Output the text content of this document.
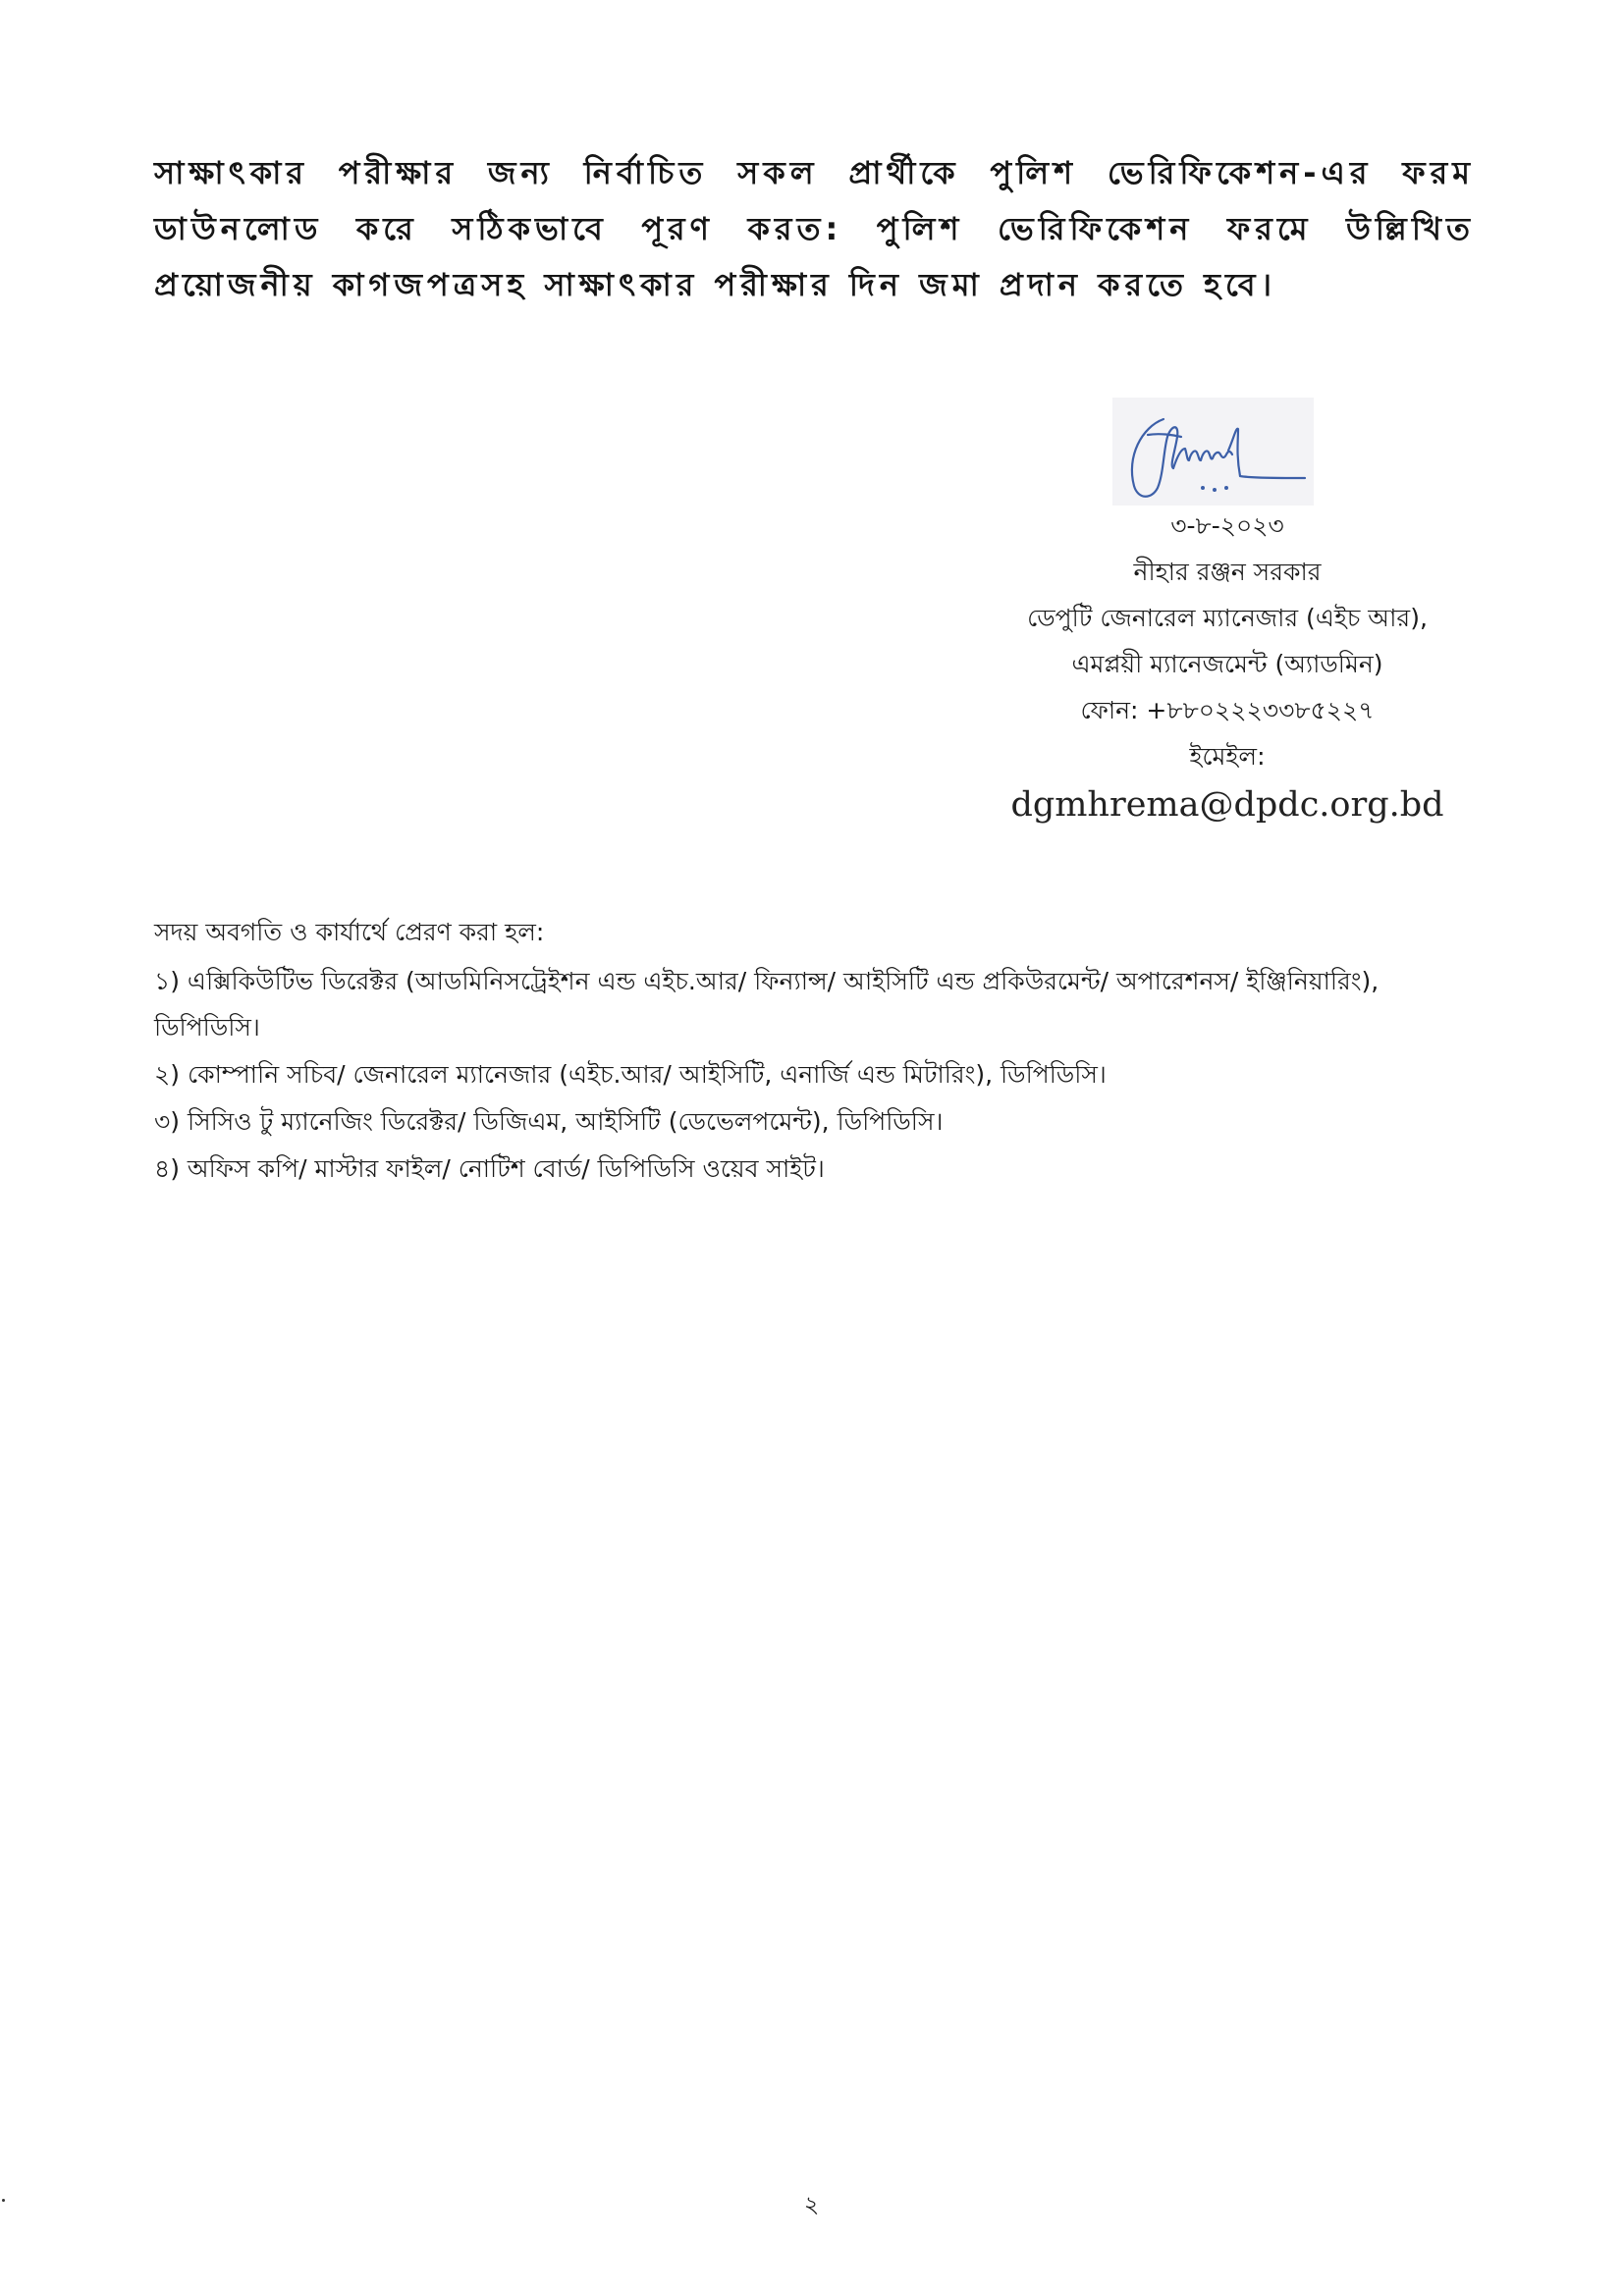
সাক্ষাৎকার পরীক্ষার জন্য নির্বাচিত সকল প্রার্থীকে পুলিশ ভেরিফিকেশন-এর ফরম ডাউনলোড করে সঠিকভাবে পূরণ করত: পুলিশ ভেরিফিকেশন ফরমে উল্লিখিত প্রয়োজনীয় কাগজপত্রসহ সাক্ষাৎকার পরীক্ষার দিন জমা প্রদান করতে হবে।
৩-৮-২০২৩
নীহার রঞ্জন সরকার
ডেপুটি জেনারেল ম্যানেজার (এইচ আর),
এমপ্লয়ী ম্যানেজমেন্ট (অ্যাডমিন)
ফোন: +৮৮০২২২৩৩৮৫২২৭
ইমেইল:
dgmhrema@dpdc.org.bd
সদয় অবগতি ও কার্যার্থে প্রেরণ করা হল:
১) এক্সিকিউটিভ ডিরেক্টর (আডমিনিসট্রেইশন এন্ড এইচ.আর/ ফিন্যান্স/ আইসিটি এন্ড প্রকিউরমেন্ট/ অপারেশনস/ ইঞ্জিনিয়ারিং), ডিপিডিসি।
২) কোম্পানি সচিব/ জেনারেল ম্যানেজার (এইচ.আর/ আইসিটি, এনার্জি এন্ড মিটারিং), ডিপিডিসি।
৩) সিসিও টু ম্যানেজিং ডিরেক্টর/ ডিজিএম, আইসিটি (ডেভেলপমেন্ট), ডিপিডিসি।
৪) অফিস কপি/ মাস্টার ফাইল/ নোটিশ বোর্ড/ ডিপিডিসি ওয়েব সাইট।
২
